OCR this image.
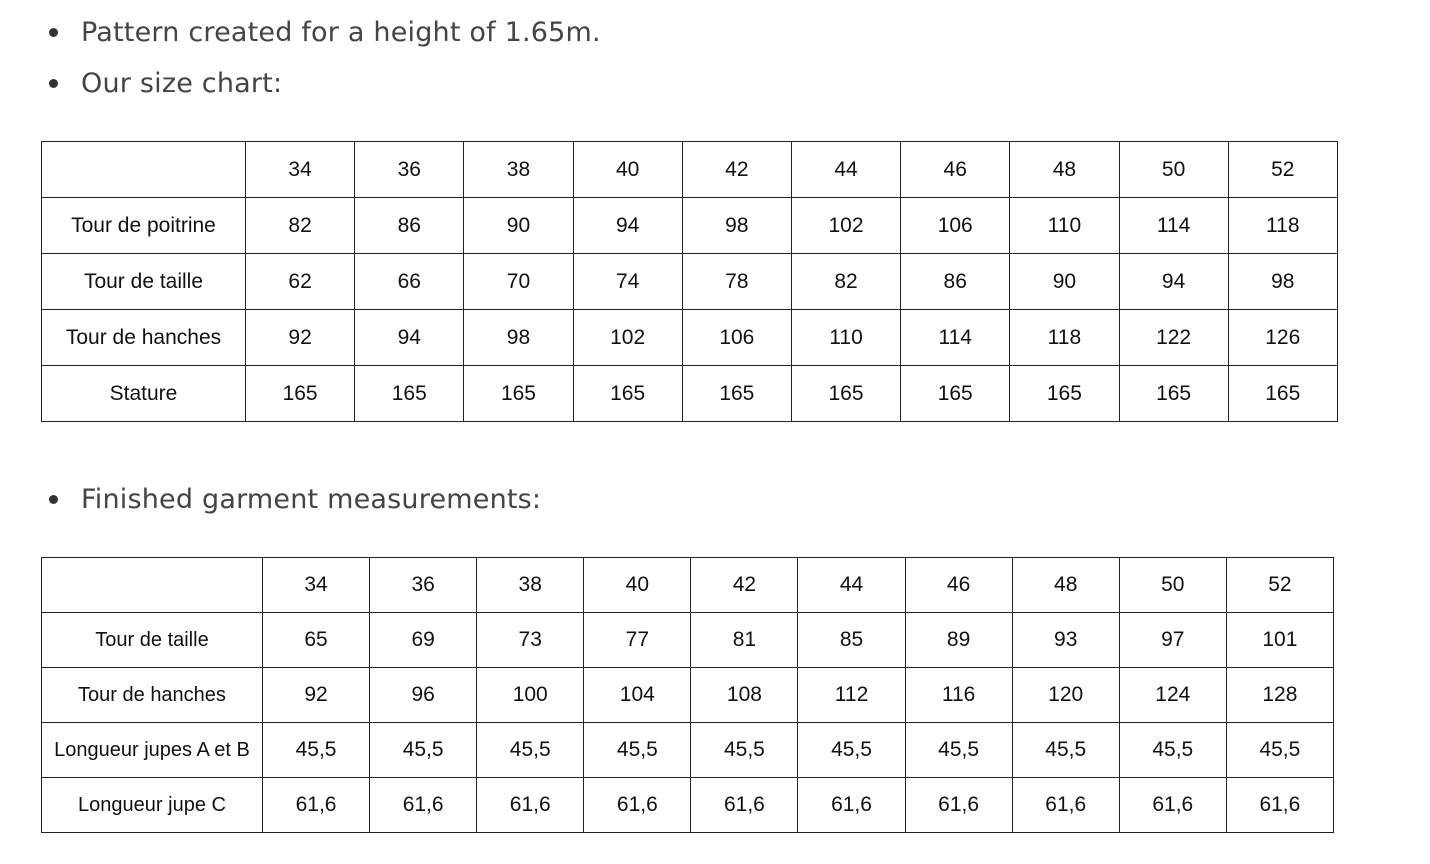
Pattern created for a height of 1.65m.
Our size chart:
	34	36	38	40	42	44	46	48	50	52
Tour de poitrine	82	86	90	94	98	102	106	110	114	118
Tour de taille	62	66	70	74	78	82	86	90	94	98
Tour de hanches	92	94	98	102	106	110	114	118	122	126
Stature	165	165	165	165	165	165	165	165	165	165
Finished garment measurements:
	34	36	38	40	42	44	46	48	50	52
Tour de taille	65	69	73	77	81	85	89	93	97	101
Tour de hanches	92	96	100	104	108	112	116	120	124	128
Longueur jupes A et B	45,5	45,5	45,5	45,5	45,5	45,5	45,5	45,5	45,5	45,5
Longueur jupe C	61,6	61,6	61,6	61,6	61,6	61,6	61,6	61,6	61,6	61,6
